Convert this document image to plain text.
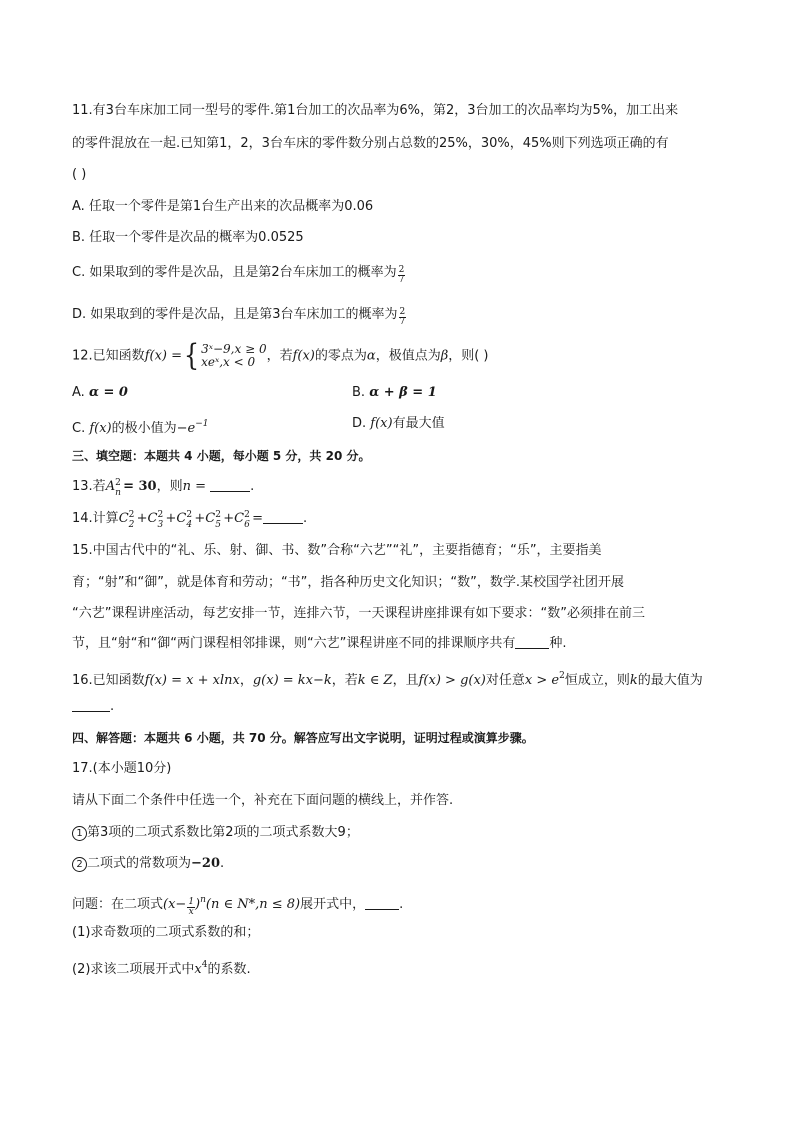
11.有3台车床加工同一型号的零件.第1台加工的次品率为6%，第2，3台加工的次品率均为5%，加工出来
的零件混放在一起.已知第1，2，3台车床的零件数分别占总数的25%，30%，45%则下列选项正确的有
( )
A. 任取一个零件是第1台生产出来的次品概率为0.06
B. 任取一个零件是次品的概率为0.0525
C. 如果取到的零件是次品，且是第2台车床加工的概率为 $\frac{2}{7}$
D. 如果取到的零件是次品，且是第3台车床加工的概率为 $\frac{2}{7}$
12.已知函数f(x) ={ 3ˣ−9,x ≥ 0
xeˣ,x < 0 ，若f(x)的零点为α，极值点为β，则( )
A. α = 0	B. α + β = 1
C. f(x)的极小值为$-e^{-1}$	D. f(x)有最大值
三、填空题：本题共 4 小题，每小题 5 分，共 20 分。
13.若A 2
n = 30，则n =	.
14.计算C 2
2 +C 2
3 +C 2
4 +C 2
5 +C 2
6 =	.
15.中国古代中的“礼、乐、射、御、书、数”合称“六艺”“礼”，主要指德育；“乐”，主要指美
育；“射”和“御”，就是体育和劳动；“书”，指各种历史文化知识；“数”，数学.某校国学社团开展
“六艺”课程讲座活动，每艺安排一节，连排六节，一天课程讲座排课有如下要求：“数”必须排在前三
节，且“射“和“御“两门课程相邻排课，则“六艺”课程讲座不同的排课顺序共有	种.
16.已知函数f(x) = x + xlnx，g(x) = kx−k，若k ∈ Z，且f(x) > g(x)对任意$x > e^2$恒成立，则k的最大值为
.
四、解答题：本题共 6 小题，共 70 分。解答应写出文字说明，证明过程或演算步骤。
17.(本小题10分)
请从下面二个条件中任选一个，补充在下面问题的横线上，并作答.
1 第3项的二项式系数比第2项的二项式系数大9；
2 二项式的常数项为−20.
问题：在二项式$(x- \frac{1}{x} )^n(n$ ∈ N*,n ≤ 8)展开式中，	.
(1)求奇数项的二项式系数的和；
(2)求该二项展开式中$x^4$的系数.
